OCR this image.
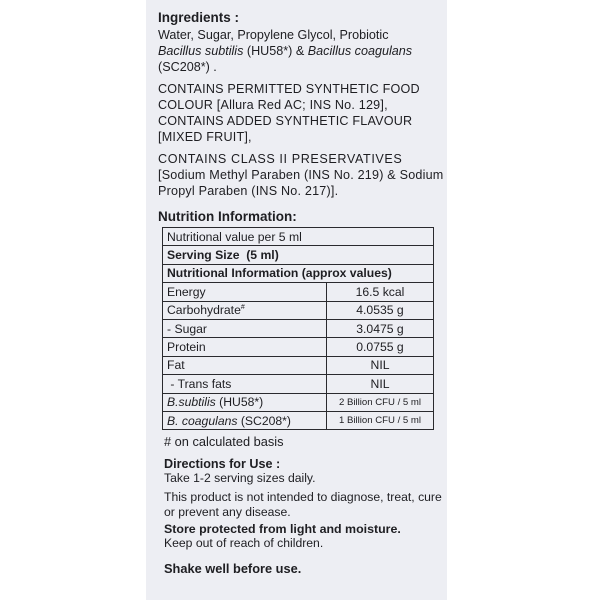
Ingredients :
Water, Sugar, Propylene Glycol, Probiotic
Bacillus subtilis (HU58*) & Bacillus coagulans
(SC208*) .
CONTAINS PERMITTED SYNTHETIC FOOD COLOUR [Allura Red AC; INS No. 129],
CONTAINS ADDED SYNTHETIC FLAVOUR [MIXED FRUIT],
CONTAINS CLASS II PRESERVATIVES
[Sodium Methyl Paraben (INS No. 219) & Sodium Propyl Paraben (INS No. 217)].
Nutrition Information:
Nutritional value per 5 ml	
Serving Size  (5 ml)	
Nutritional Information (approx values)	
Energy	16.5 kcal
Carbohydrate#	4.0535 g
- Sugar	3.0475 g
Protein	0.0755 g
Fat	NIL
- Trans fats	NIL
B.subtilis (HU58*)	2 Billion CFU / 5 ml
B. coagulans (SC208*)	1 Billion CFU / 5 ml
# on calculated basis
Directions for Use :
Take 1-2 serving sizes daily.
This product is not intended to diagnose, treat, cure or prevent any disease.
Store protected from light and moisture.
Keep out of reach of children.
Shake well before use.
